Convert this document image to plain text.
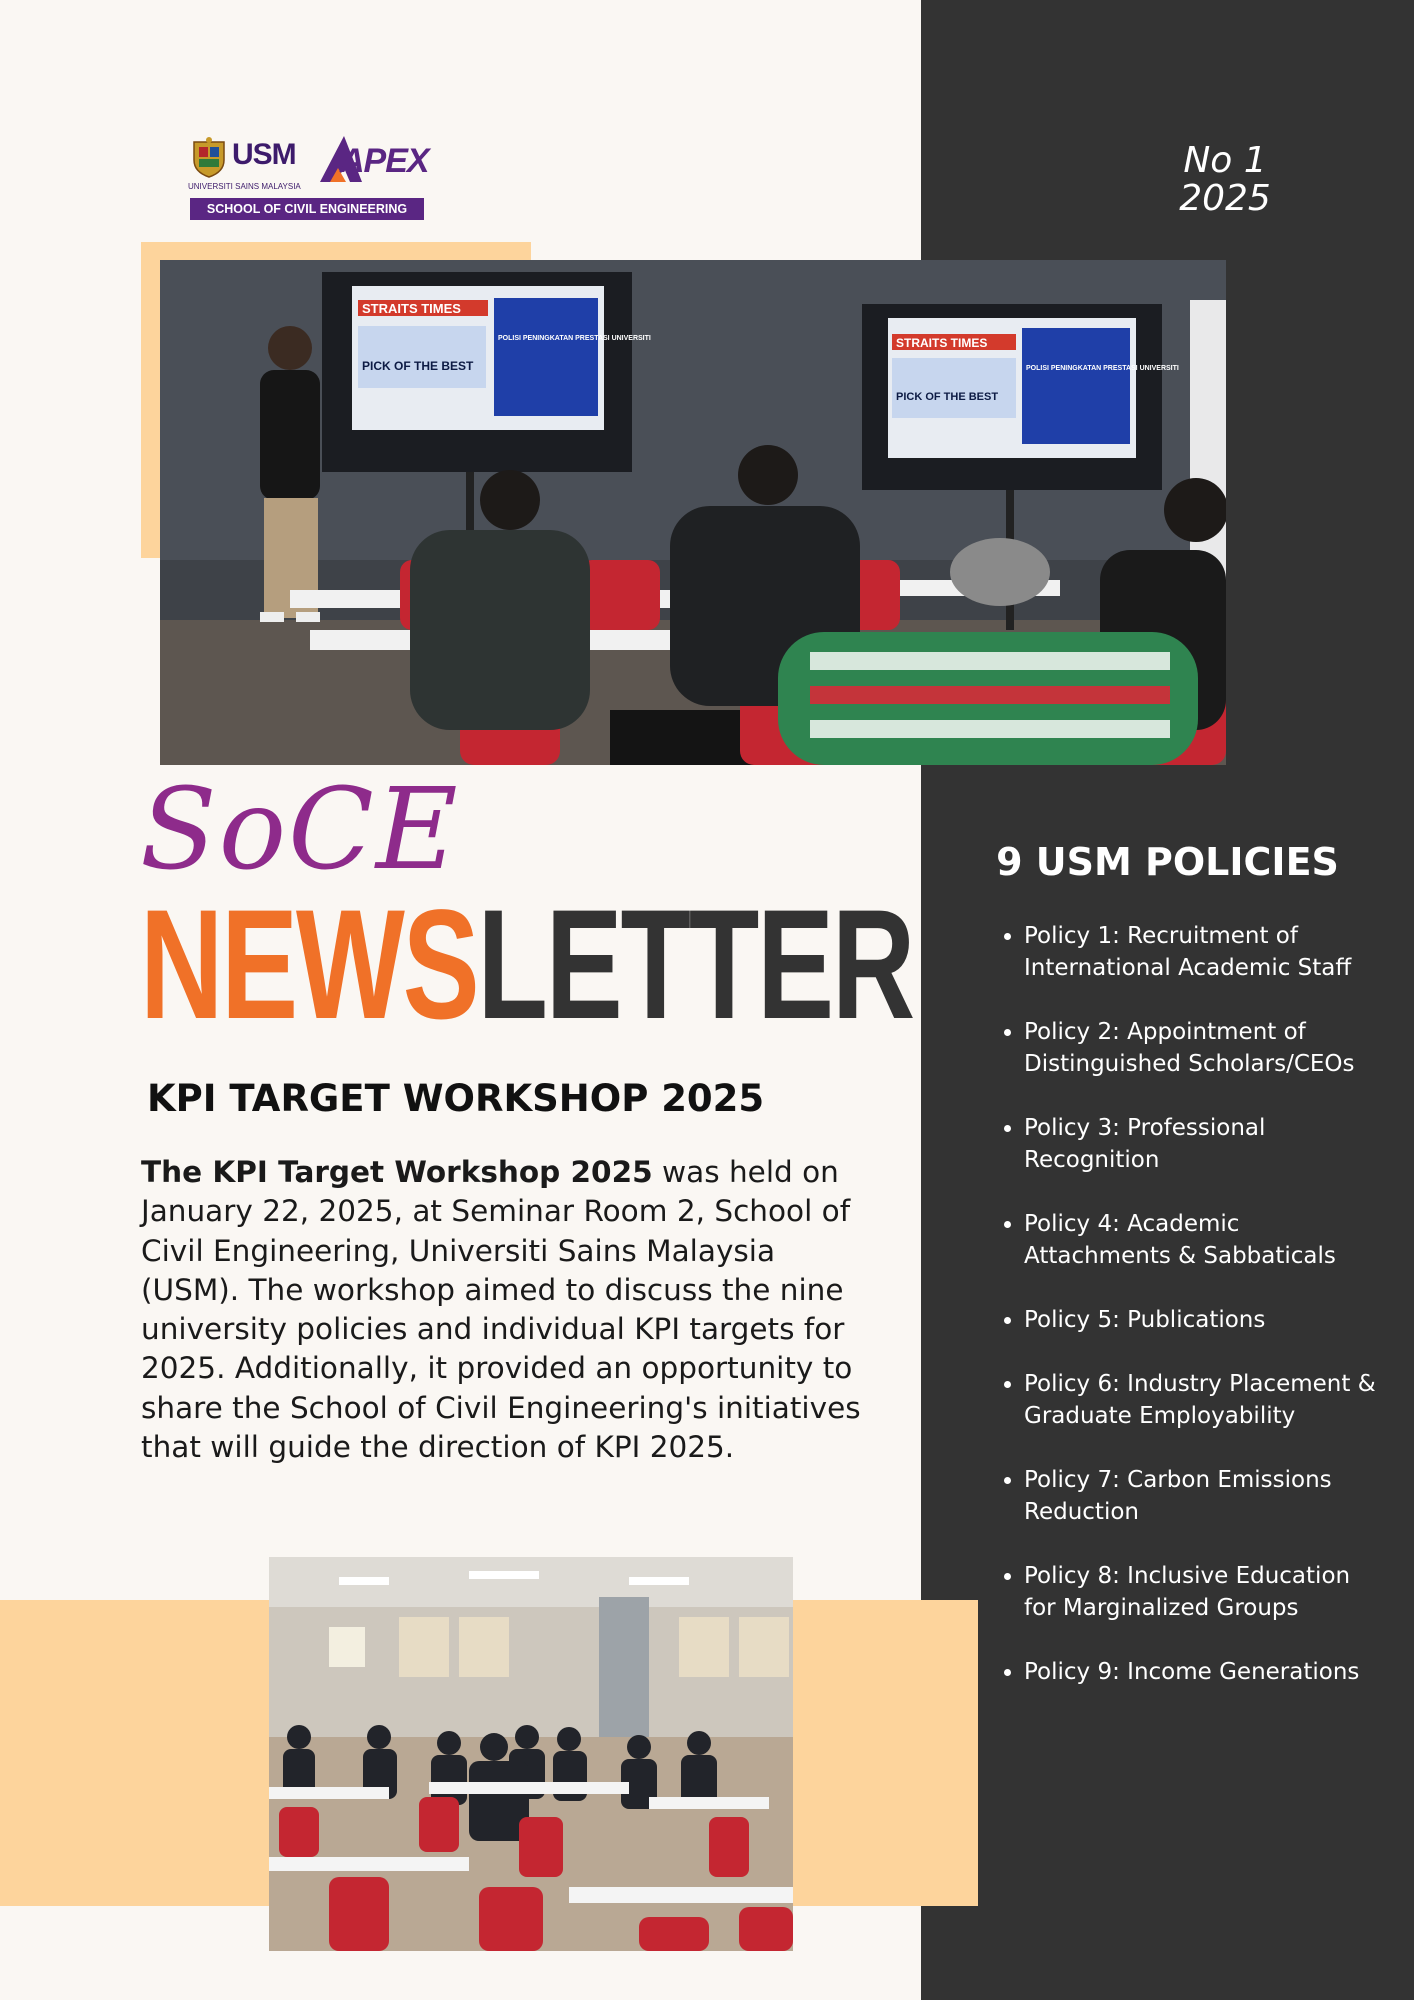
USM
UNIVERSITI SAINS MALAYSIA
APEX
SCHOOL OF CIVIL ENGINEERING
No 1
2025
STRAITS TIMES
PICK OF THE BEST
POLISI PENINGKATAN PRESTASI UNIVERSITI	STRAITS TIMES
PICK OF THE BEST
POLISI PENINGKATAN PRESTASI UNIVERSITI
SoCE
NEWSLETTER
KPI TARGET WORKSHOP 2025
The KPI Target Workshop 2025 was held on January 22, 2025, at Seminar Room 2, School of Civil Engineering, Universiti Sains Malaysia (USM). The workshop aimed to discuss the nine university policies and individual KPI targets for 2025. Additionally, it provided an opportunity to share the School of Civil Engineering's initiatives that will guide the direction of KPI 2025.
9 USM POLICIES
• Policy 1: Recruitment of International Academic Staff
• Policy 2: Appointment of Distinguished Scholars/CEOs
• Policy 3: Professional Recognition
• Policy 4: Academic Attachments & Sabbaticals
• Policy 5: Publications
• Policy 6: Industry Placement & Graduate Employability
• Policy 7: Carbon Emissions Reduction
• Policy 8: Inclusive Education for Marginalized Groups
• Policy 9: Income Generations
